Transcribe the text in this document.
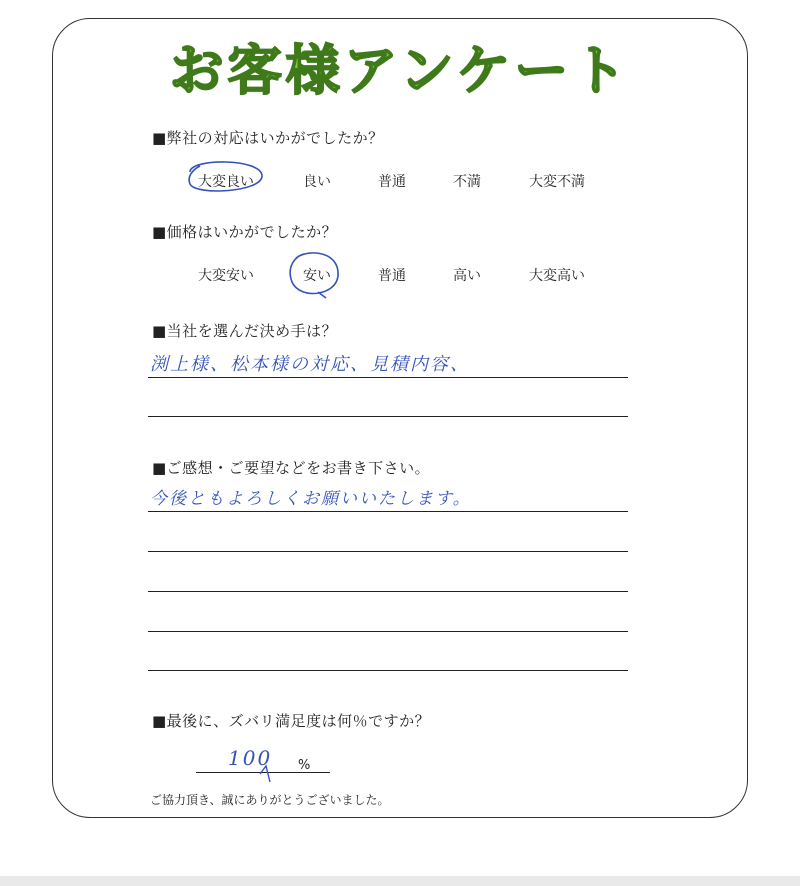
お客様アンケート
■弊社の対応はいかがでしたか？
大変良い	良い	普通	不満	大変不満
■価格はいかがでしたか？
大変安い	安い	普通	高い	大変高い
■当社を選んだ決め手は？
渕上様、松本様の対応、見積内容、
■ご感想・ご要望などをお書き下さい。
今後ともよろしくお願いいたします。
■最後に、ズバリ満足度は何％ですか？
100 %
ご協力頂き、誠にありがとうございました。
